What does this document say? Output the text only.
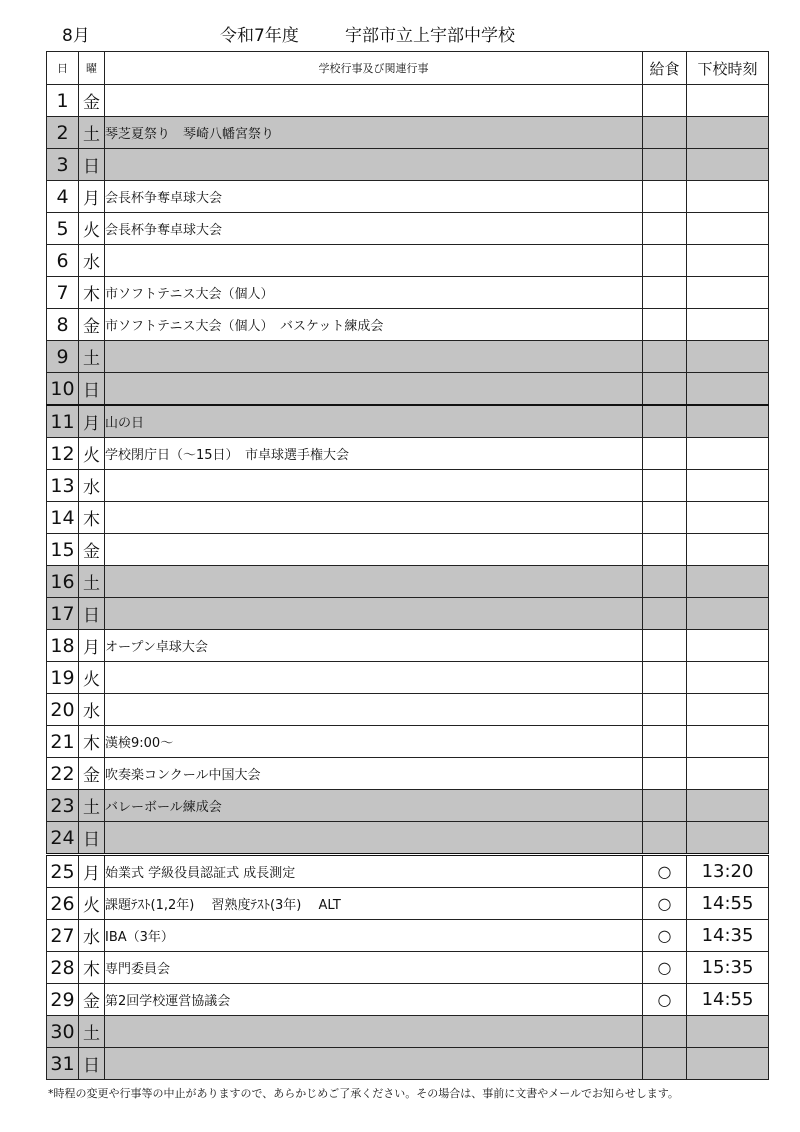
8月	令和7年度	宇部市立上宇部中学校
日	曜	学校行事及び関連行事	給食	下校時刻
1	金			
2	土	琴芝夏祭り　琴崎八幡宮祭り		
3	日			
4	月	会長杯争奪卓球大会		
5	火	会長杯争奪卓球大会		
6	水			
7	木	市ソフトテニス大会（個人）		
8	金	市ソフトテニス大会（個人）　バスケット練成会		
9	土			
10	日			
11	月	山の日		
12	火	学校閉庁日（～15日）　市卓球選手権大会		
13	水			
14	木			
15	金			
16	土			
17	日			
18	月	オープン卓球大会		
19	火			
20	水			
21	木	漢検9:00～		
22	金	吹奏楽コンクール中国大会		
23	土	バレーボール練成会		
24	日			
25	月	始業式 学級役員認証式 成長測定	○	13:20
26	火	課題ﾃｽﾄ(1,2年)　 習熟度ﾃｽﾄ(3年)　 ALT	○	14:55
27	水	IBA（3年）	○	14:35
28	木	専門委員会	○	15:35
29	金	第2回学校運営協議会	○	14:55
30	土			
31	日			
*時程の変更や行事等の中止がありますので、あらかじめご了承ください。その場合は、事前に文書やメールでお知らせします。
